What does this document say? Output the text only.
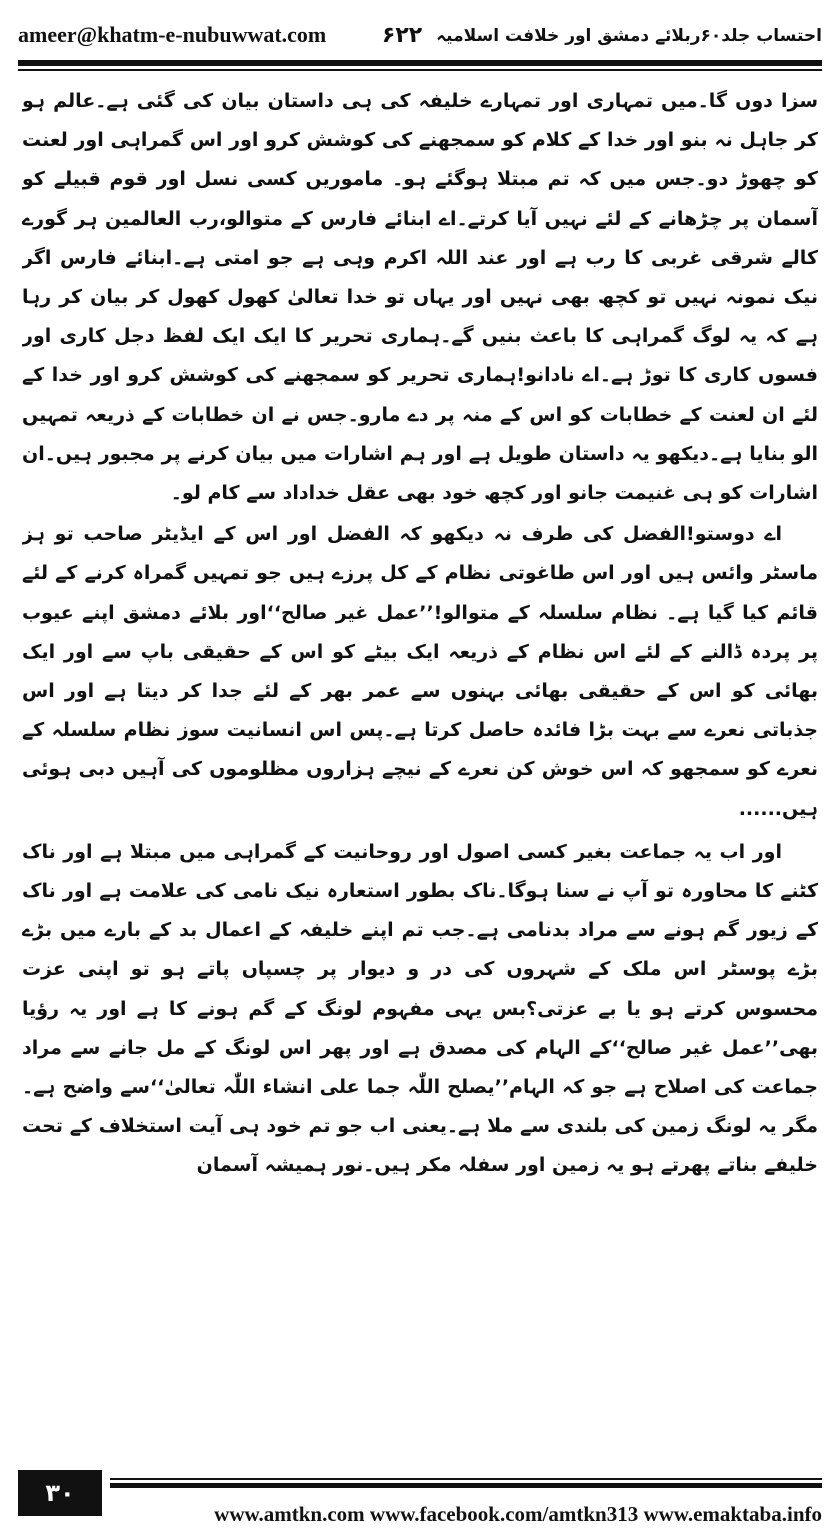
ameer@khatm-e-nubuwwat.com	احتساب جلد۶۰ربلائے دمشق اور خلافت اسلامیہ
۶۲۲

سزا دوں گا۔میں تمہاری اور تمہارے خلیفہ کی ہی داستان بیان کی گئی ہے۔عالم ہو کر جاہل نہ بنو اور خدا کے کلام کو سمجھنے کی کوشش کرو اور اس گمراہی اور لعنت کو چھوڑ دو۔جس میں کہ تم مبتلا ہوگئے ہو۔ ماموریں کسی نسل اور قوم قبیلے کو آسمان پر چڑھانے کے لئے نہیں آیا کرتے۔اے ابنائے فارس کے متوالو،رب العالمین ہر گورے کالے شرقی غربی کا رب ہے اور عند اللہ اکرم وہی ہے جو امتی ہے۔ابنائے فارس اگر نیک نمونہ نہیں تو کچھ بھی نہیں اور یہاں تو خدا تعالیٰ کھول کھول کر بیان کر رہا ہے کہ یہ لوگ گمراہی کا باعث بنیں گے۔ہماری تحریر کا ایک ایک لفظ دجل کاری اور فسوں کاری کا توڑ ہے۔اے نادانو!ہماری تحریر کو سمجھنے کی کوشش کرو اور خدا کے لئے ان لعنت کے خطابات کو اس کے منہ پر دے مارو۔جس نے ان خطابات کے ذریعہ تمہیں الو بنایا ہے۔دیکھو یہ داستان طویل ہے اور ہم اشارات میں بیان کرنے پر مجبور ہیں۔ان اشارات کو ہی غنیمت جانو اور کچھ خود بھی عقل خداداد سے کام لو۔

اے دوستو!الفضل کی طرف نہ دیکھو کہ الفضل اور اس کے ایڈیٹر صاحب تو ہز ماسٹر وائس ہیں اور اس طاغوتی نظام کے کل پرزے ہیں جو تمہیں گمراہ کرنے کے لئے قائم کیا گیا ہے۔ نظام سلسلہ کے متوالو!’’عمل غیر صالح‘‘اور بلائے دمشق اپنے عیوب پر پردہ ڈالنے کے لئے اس نظام کے ذریعہ ایک بیٹے کو اس کے حقیقی باپ سے اور ایک بھائی کو اس کے حقیقی بھائی بہنوں سے عمر بھر کے لئے جدا کر دیتا ہے اور اس جذباتی نعرے سے بہت بڑا فائدہ حاصل کرتا ہے۔پس اس انسانیت سوز نظام سلسلہ کے نعرے کو سمجھو کہ اس خوش کن نعرے کے نیچے ہزاروں مظلوموں کی آہیں دبی ہوئی ہیں......

اور اب یہ جماعت بغیر کسی اصول اور روحانیت کے گمراہی میں مبتلا ہے اور ناک کٹنے کا محاورہ تو آپ نے سنا ہوگا۔ناک بطور استعارہ نیک نامی کی علامت ہے اور ناک کے زیور گم ہونے سے مراد بدنامی ہے۔جب تم اپنے خلیفہ کے اعمال بد کے بارے میں بڑے بڑے پوسٹر اس ملک کے شہروں کی در و دیوار پر چسپاں پاتے ہو تو اپنی عزت محسوس کرتے ہو یا بے عزتی؟بس یہی مفہوم لونگ کے گم ہونے کا ہے اور یہ رؤیا بھی’’عمل غیر صالح‘‘کے الہام کی مصدق ہے اور پھر اس لونگ کے مل جانے سے مراد جماعت کی اصلاح ہے جو کہ الہام’’یصلح اللّٰہ جما علی انشاء اللّٰہ تعالیٰ‘‘سے واضح ہے۔مگر یہ لونگ زمین کی بلندی سے ملا ہے۔یعنی اب جو تم خود ہی آیت استخلاف کے تحت خلیفے بناتے پھرتے ہو یہ زمین اور سفلہ مکر ہیں۔نور ہمیشہ آسمان

۳۰
www.amtkn.com www.facebook.com/amtkn313 www.emaktaba.info
